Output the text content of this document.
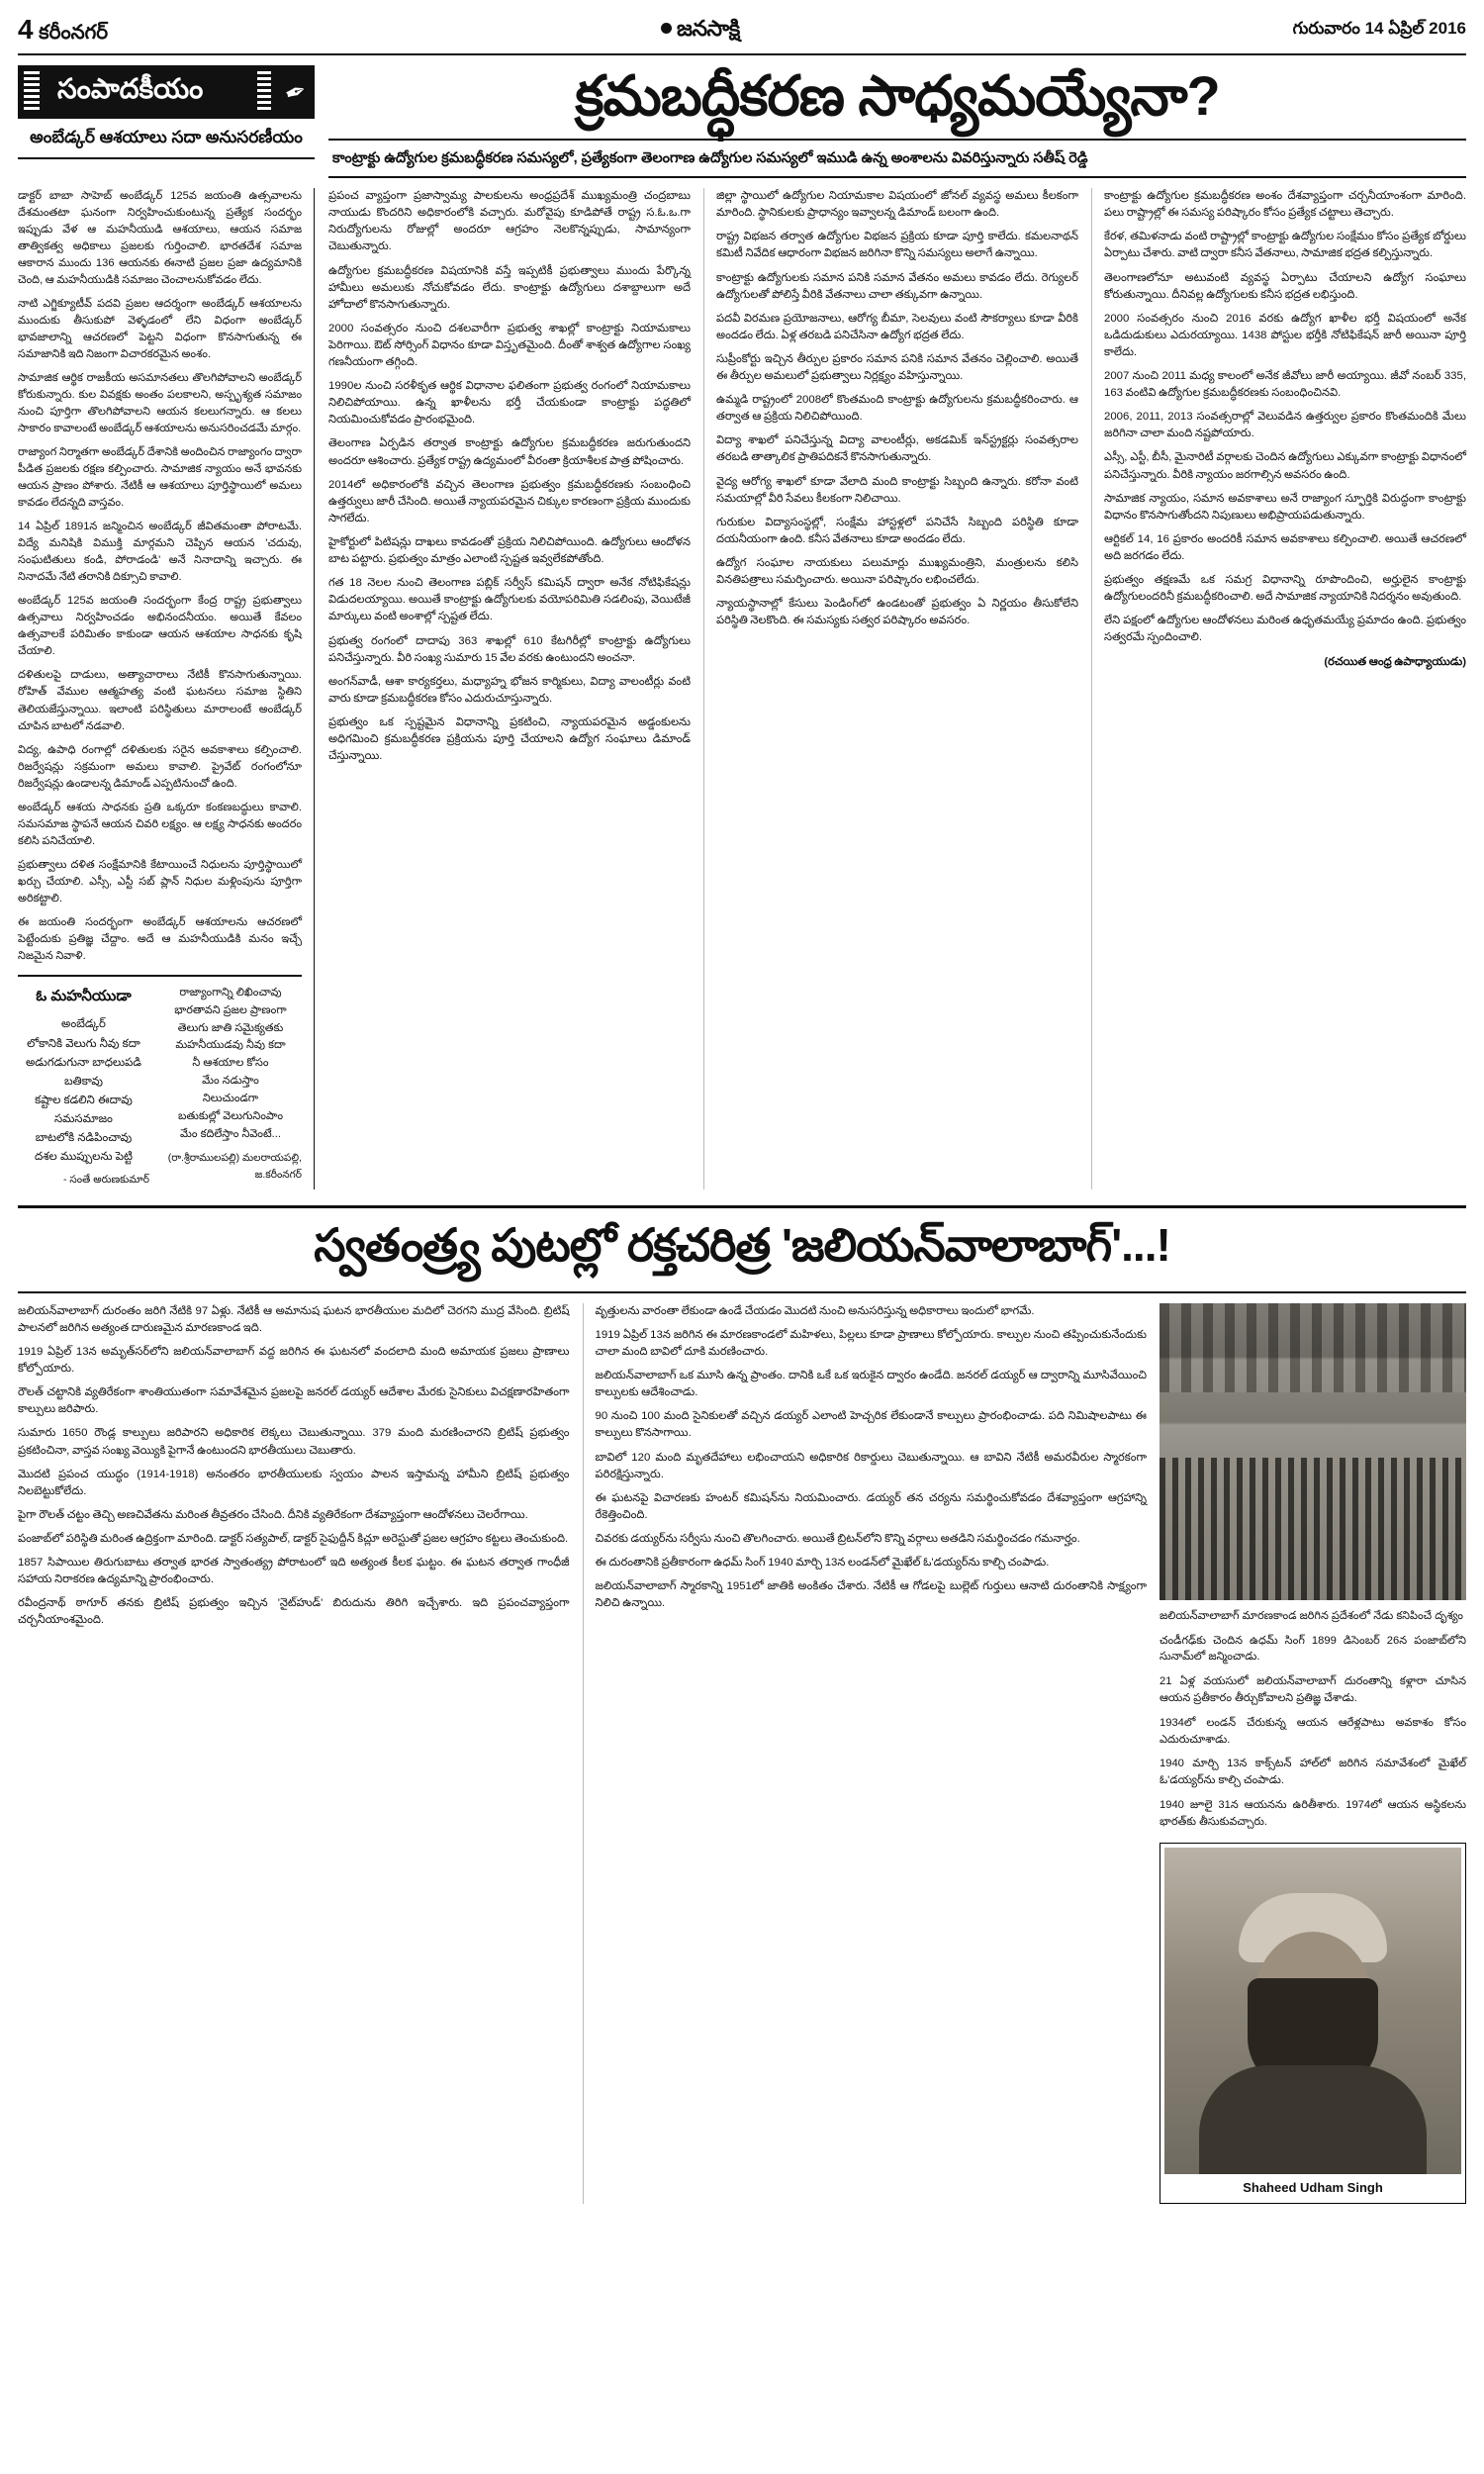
4 కరీంనగర్	జనసాక్షి	గురువారం 14 ఏప్రిల్ 2016
సంపాదకీయం	✒
అంబేడ్కర్ ఆశయాలు సదా అనుసరణీయం
క్రమబద్ధీకరణ సాధ్యమయ్యేనా?
కాంట్రాక్టు ఉద్యోగుల క్రమబద్ధీకరణ సమస్యలో, ప్రత్యేకంగా తెలంగాణ ఉద్యోగుల సమస్యలో ఇముడి ఉన్న అంశాలను వివరిస్తున్నారు సతీష్ రెడ్డి

డాక్టర్ బాబా సాహెబ్ అంబేడ్కర్ 125వ జయంతి ఉత్సవాలను దేశమంతటా ఘనంగా నిర్వహించుకుంటున్న ప్రత్యేక సందర్భం ఇప్పుడు వేళ ఆ మహనీయుడి ఆశయాలు, ఆయన సమాజ తాత్వికత్వ అధికాలు ప్రజలకు గుర్తించాలి. భారతదేశ సమాజ ఆకారాన ముందు 136 ఆయనకు ఈనాటి ప్రజల ప్రజా ఉద్యమానికి చెంది, ఆ మహనీయుడికి సమాజం చెంచాలనుకోవడం లేదు.

నాటి ఎగ్జిక్యూటీవ్ పదవి ప్రజల ఆదర్శంగా అంబేడ్కర్ ఆశయాలను ముందుకు తీసుకుపో వెళ్ళడంలో లేని విధంగా అంబేడ్కర్ భావజాలాన్ని ఆచరణలో పెట్టని విధంగా కొనసాగుతున్న ఈ సమాజానికి ఇది నిజంగా విచారకరమైన అంశం.

సామాజిక ఆర్థిక రాజకీయ అసమానతలు తొలగిపోవాలని అంబేడ్కర్ కోరుకున్నారు. కుల వివక్షకు అంతం పలకాలని, అస్పృశ్యత సమాజం నుంచి పూర్తిగా తొలగిపోవాలని ఆయన కలలుగన్నారు. ఆ కలలు సాకారం కావాలంటే అంబేడ్కర్ ఆశయాలను అనుసరించడమే మార్గం.

రాజ్యాంగ నిర్మాతగా అంబేడ్కర్ దేశానికి అందించిన రాజ్యాంగం ద్వారా పీడిత ప్రజలకు రక్షణ కల్పించారు. సామాజిక న్యాయం అనే భావనకు ఆయన ప్రాణం పోశారు. నేటికీ ఆ ఆశయాలు పూర్తిస్థాయిలో అమలు కావడం లేదన్నది వాస్తవం.

14 ఏప్రిల్ 1891న జన్మించిన అంబేడ్కర్ జీవితమంతా పోరాటమే. విద్యే మనిషికి విముక్తి మార్గమని చెప్పిన ఆయన 'చదువు, సంఘటితులు కండి, పోరాడండి' అనే నినాదాన్ని ఇచ్చారు. ఈ నినాదమే నేటి తరానికి దిక్సూచి కావాలి.

అంబేడ్కర్ 125వ జయంతి సందర్భంగా కేంద్ర రాష్ట్ర ప్రభుత్వాలు ఉత్సవాలు నిర్వహించడం అభినందనీయం. అయితే కేవలం ఉత్సవాలకే పరిమితం కాకుండా ఆయన ఆశయాల సాధనకు కృషి చేయాలి.

దళితులపై దాడులు, అత్యాచారాలు నేటికీ కొనసాగుతున్నాయి. రోహిత్ వేముల ఆత్మహత్య వంటి ఘటనలు సమాజ స్థితిని తెలియజేస్తున్నాయి. ఇలాంటి పరిస్థితులు మారాలంటే అంబేడ్కర్ చూపిన బాటలో నడవాలి.

విద్య, ఉపాధి రంగాల్లో దళితులకు సరైన అవకాశాలు కల్పించాలి. రిజర్వేషన్లు సక్రమంగా అమలు కావాలి. ప్రైవేట్ రంగంలోనూ రిజర్వేషన్లు ఉండాలన్న డిమాండ్ ఎప్పటినుంచో ఉంది.

అంబేడ్కర్ ఆశయ సాధనకు ప్రతి ఒక్కరూ కంకణబద్ధులు కావాలి. సమసమాజ స్థాపనే ఆయన చివరి లక్ష్యం. ఆ లక్ష్య సాధనకు అందరం కలిసి పనిచేయాలి.

ప్రభుత్వాలు దళిత సంక్షేమానికి కేటాయించే నిధులను పూర్తిస్థాయిలో ఖర్చు చేయాలి. ఎస్సీ, ఎస్టీ సబ్ ప్లాన్ నిధుల మళ్లింపును పూర్తిగా అరికట్టాలి.

ఈ జయంతి సందర్భంగా అంబేడ్కర్ ఆశయాలను ఆచరణలో పెట్టేందుకు ప్రతిజ్ఞ చేద్దాం. అదే ఆ మహనీయుడికి మనం ఇచ్చే నిజమైన నివాళి.

ఓ మహనీయుడా
అంబేడ్కర్
లోకానికి వెలుగు నీవు కదా
అడుగడుగునా బాధలుపడి
బతికావు
కష్టాల కడలిని ఈదావు
సమసమాజం
బాటలోకి నడిపించావు
దశల ముప్పులను పెట్టి
- సంతే అరుణకుమార్
రాజ్యాంగాన్ని లిఖించావు
భారతావని ప్రజల ప్రాణంగా
తెలుగు జాతి సమైక్యతకు
మహనీయుడవు నీవు కదా
నీ ఆశయాల కోసం
మేం నడుస్తాం
నిలుచుండగా
బతుకుల్లో వెలుగునింపాం
మేం కదిలేస్తాం నీవెంటే...
(రా.శ్రీరాములపల్లి) మలరాయపల్లి, జ.కరీంనగర్

ప్రపంచ వ్యాప్తంగా ప్రజాస్వామ్య పాలకులను అంధ్రప్రదేశ్ ముఖ్యమంత్రి చంద్రబాబు నాయుడు కొందరిని అధికారంలోకి వచ్చారు. మరోవైపు కూడిపోతే రాష్ట్ర స.ఓ.ఒ.గా నిరుద్యోగులను రోజుల్లో అందరూ ఆగ్రహం నెలకొన్నప్పుడు, సామాన్యంగా చెబుతున్నారు.

ఉద్యోగుల క్రమబద్ధీకరణ విషయానికి వస్తే ఇప్పటికీ ప్రభుత్వాలు ముందు పేర్కొన్న హామీలు అమలుకు నోచుకోవడం లేదు. కాంట్రాక్టు ఉద్యోగులు దశాబ్దాలుగా అదే హోదాలో కొనసాగుతున్నారు.

2000 సంవత్సరం నుంచి దశలవారీగా ప్రభుత్వ శాఖల్లో కాంట్రాక్టు నియామకాలు పెరిగాయి. ఔట్ సోర్సింగ్ విధానం కూడా విస్తృతమైంది. దీంతో శాశ్వత ఉద్యోగాల సంఖ్య గణనీయంగా తగ్గింది.

1990ల నుంచి సరళీకృత ఆర్థిక విధానాల ఫలితంగా ప్రభుత్వ రంగంలో నియామకాలు నిలిచిపోయాయి. ఉన్న ఖాళీలను భర్తీ చేయకుండా కాంట్రాక్టు పద్ధతిలో నియమించుకోవడం ప్రారంభమైంది.

తెలంగాణ ఏర్పడిన తర్వాత కాంట్రాక్టు ఉద్యోగుల క్రమబద్ధీకరణ జరుగుతుందని అందరూ ఆశించారు. ప్రత్యేక రాష్ట్ర ఉద్యమంలో వీరంతా క్రియాశీలక పాత్ర పోషించారు.

2014లో అధికారంలోకి వచ్చిన తెలంగాణ ప్రభుత్వం క్రమబద్ధీకరణకు సంబంధించి ఉత్తర్వులు జారీ చేసింది. అయితే న్యాయపరమైన చిక్కుల కారణంగా ప్రక్రియ ముందుకు సాగలేదు.

హైకోర్టులో పిటిషన్లు దాఖలు కావడంతో ప్రక్రియ నిలిచిపోయింది. ఉద్యోగులు ఆందోళన బాట పట్టారు. ప్రభుత్వం మాత్రం ఎలాంటి స్పష్టత ఇవ్వలేకపోతోంది.

గత 18 నెలల నుంచి తెలంగాణ పబ్లిక్ సర్వీస్ కమిషన్ ద్వారా అనేక నోటిఫికేషన్లు విడుదలయ్యాయి. అయితే కాంట్రాక్టు ఉద్యోగులకు వయోపరిమితి సడలింపు, వెయిటేజీ మార్కులు వంటి అంశాల్లో స్పష్టత లేదు.

ప్రభుత్వ రంగంలో దాదాపు 363 శాఖల్లో 610 కేటగిరీల్లో కాంట్రాక్టు ఉద్యోగులు పనిచేస్తున్నారు. వీరి సంఖ్య సుమారు 15 వేల వరకు ఉంటుందని అంచనా.

అంగన్‌వాడీ, ఆశా కార్యకర్తలు, మధ్యాహ్న భోజన కార్మికులు, విద్యా వాలంటీర్లు వంటి వారు కూడా క్రమబద్ధీకరణ కోసం ఎదురుచూస్తున్నారు.

ప్రభుత్వం ఒక స్పష్టమైన విధానాన్ని ప్రకటించి, న్యాయపరమైన అడ్డంకులను అధిగమించి క్రమబద్ధీకరణ ప్రక్రియను పూర్తి చేయాలని ఉద్యోగ సంఘాలు డిమాండ్ చేస్తున్నాయి.

జిల్లా స్థాయిలో ఉద్యోగుల నియామకాల విషయంలో జోనల్ వ్యవస్థ అమలు కీలకంగా మారింది. స్థానికులకు ప్రాధాన్యం ఇవ్వాలన్న డిమాండ్ బలంగా ఉంది.

రాష్ట్ర విభజన తర్వాత ఉద్యోగుల విభజన ప్రక్రియ కూడా పూర్తి కాలేదు. కమలనాథన్ కమిటీ నివేదిక ఆధారంగా విభజన జరిగినా కొన్ని సమస్యలు అలాగే ఉన్నాయి.

కాంట్రాక్టు ఉద్యోగులకు సమాన పనికి సమాన వేతనం అమలు కావడం లేదు. రెగ్యులర్ ఉద్యోగులతో పోలిస్తే వీరికి వేతనాలు చాలా తక్కువగా ఉన్నాయి.

పదవీ విరమణ ప్రయోజనాలు, ఆరోగ్య బీమా, సెలవులు వంటి సౌకర్యాలు కూడా వీరికి అందడం లేదు. ఏళ్ల తరబడి పనిచేసినా ఉద్యోగ భద్రత లేదు.

సుప్రీంకోర్టు ఇచ్చిన తీర్పుల ప్రకారం సమాన పనికి సమాన వేతనం చెల్లించాలి. అయితే ఈ తీర్పుల అమలులో ప్రభుత్వాలు నిర్లక్ష్యం వహిస్తున్నాయి.

ఉమ్మడి రాష్ట్రంలో 2008లో కొంతమంది కాంట్రాక్టు ఉద్యోగులను క్రమబద్ధీకరించారు. ఆ తర్వాత ఆ ప్రక్రియ నిలిచిపోయింది.

విద్యా శాఖలో పనిచేస్తున్న విద్యా వాలంటీర్లు, అకడమిక్ ఇన్‌స్ట్రక్టర్లు సంవత్సరాల తరబడి తాత్కాలిక ప్రాతిపదికనే కొనసాగుతున్నారు.

వైద్య ఆరోగ్య శాఖలో కూడా వేలాది మంది కాంట్రాక్టు సిబ్బంది ఉన్నారు. కరోనా వంటి సమయాల్లో వీరి సేవలు కీలకంగా నిలిచాయి.

గురుకుల విద్యాసంస్థల్లో, సంక్షేమ హాస్టళ్లలో పనిచేసే సిబ్బంది పరిస్థితి కూడా దయనీయంగా ఉంది. కనీస వేతనాలు కూడా అందడం లేదు.

ఉద్యోగ సంఘాల నాయకులు పలుమార్లు ముఖ్యమంత్రిని, మంత్రులను కలిసి వినతిపత్రాలు సమర్పించారు. అయినా పరిష్కారం లభించలేదు.

న్యాయస్థానాల్లో కేసులు పెండింగ్‌లో ఉండటంతో ప్రభుత్వం ఏ నిర్ణయం తీసుకోలేని పరిస్థితి నెలకొంది. ఈ సమస్యకు సత్వర పరిష్కారం అవసరం.

కాంట్రాక్టు ఉద్యోగుల క్రమబద్ధీకరణ అంశం దేశవ్యాప్తంగా చర్చనీయాంశంగా మారింది. పలు రాష్ట్రాల్లో ఈ సమస్య పరిష్కారం కోసం ప్రత్యేక చట్టాలు తెచ్చారు.

కేరళ, తమిళనాడు వంటి రాష్ట్రాల్లో కాంట్రాక్టు ఉద్యోగుల సంక్షేమం కోసం ప్రత్యేక బోర్డులు ఏర్పాటు చేశారు. వాటి ద్వారా కనీస వేతనాలు, సామాజిక భద్రత కల్పిస్తున్నారు.

తెలంగాణలోనూ అటువంటి వ్యవస్థ ఏర్పాటు చేయాలని ఉద్యోగ సంఘాలు కోరుతున్నాయి. దీనివల్ల ఉద్యోగులకు కనీస భద్రత లభిస్తుంది.

2000 సంవత్సరం నుంచి 2016 వరకు ఉద్యోగ ఖాళీల భర్తీ విషయంలో అనేక ఒడిదుడుకులు ఎదురయ్యాయి. 1438 పోస్టుల భర్తీకి నోటిఫికేషన్ జారీ అయినా పూర్తి కాలేదు.

2007 నుంచి 2011 మధ్య కాలంలో అనేక జీవోలు జారీ అయ్యాయి. జీవో నంబర్ 335, 163 వంటివి ఉద్యోగుల క్రమబద్ధీకరణకు సంబంధించినవి.

2006, 2011, 2013 సంవత్సరాల్లో వెలువడిన ఉత్తర్వుల ప్రకారం కొంతమందికి మేలు జరిగినా చాలా మంది నష్టపోయారు.

ఎస్సీ, ఎస్టీ, బీసీ, మైనారిటీ వర్గాలకు చెందిన ఉద్యోగులు ఎక్కువగా కాంట్రాక్టు విధానంలో పనిచేస్తున్నారు. వీరికి న్యాయం జరగాల్సిన అవసరం ఉంది.

సామాజిక న్యాయం, సమాన అవకాశాలు అనే రాజ్యాంగ స్ఫూర్తికి విరుద్ధంగా కాంట్రాక్టు విధానం కొనసాగుతోందని నిపుణులు అభిప్రాయపడుతున్నారు.

ఆర్టికల్ 14, 16 ప్రకారం అందరికీ సమాన అవకాశాలు కల్పించాలి. అయితే ఆచరణలో అది జరగడం లేదు.

ప్రభుత్వం తక్షణమే ఒక సమగ్ర విధానాన్ని రూపొందించి, అర్హులైన కాంట్రాక్టు ఉద్యోగులందరినీ క్రమబద్ధీకరించాలి. అదే సామాజిక న్యాయానికి నిదర్శనం అవుతుంది.

లేని పక్షంలో ఉద్యోగుల ఆందోళనలు మరింత ఉధృతమయ్యే ప్రమాదం ఉంది. ప్రభుత్వం సత్వరమే స్పందించాలి.

(రచయిత ఆంధ్ర ఉపాధ్యాయుడు)

స్వతంత్ర్య పుటల్లో రక్తచరిత్ర 'జలియన్‌వాలాబాగ్'...!

జలియన్‌వాలాబాగ్ దురంతం జరిగి నేటికి 97 ఏళ్లు. నేటికీ ఆ అమానుష ఘటన భారతీయుల మదిలో చెరగని ముద్ర వేసింది. బ్రిటిష్ పాలనలో జరిగిన అత్యంత దారుణమైన మారణకాండ ఇది.

1919 ఏప్రిల్ 13న అమృత్‌సర్‌లోని జలియన్‌వాలాబాగ్ వద్ద జరిగిన ఈ ఘటనలో వందలాది మంది అమాయక ప్రజలు ప్రాణాలు కోల్పోయారు.

రౌలత్ చట్టానికి వ్యతిరేకంగా శాంతియుతంగా సమావేశమైన ప్రజలపై జనరల్ డయ్యర్ ఆదేశాల మేరకు సైనికులు విచక్షణారహితంగా కాల్పులు జరిపారు.

సుమారు 1650 రౌండ్ల కాల్పులు జరిపారని అధికారిక లెక్కలు చెబుతున్నాయి. 379 మంది మరణించారని బ్రిటిష్ ప్రభుత్వం ప్రకటించినా, వాస్తవ సంఖ్య వెయ్యికి పైగానే ఉంటుందని భారతీయులు చెబుతారు.

మొదటి ప్రపంచ యుద్ధం (1914-1918) అనంతరం భారతీయులకు స్వయం పాలన ఇస్తామన్న హామీని బ్రిటిష్ ప్రభుత్వం నిలబెట్టుకోలేదు.

పైగా రౌలత్ చట్టం తెచ్చి అణచివేతను మరింత తీవ్రతరం చేసింది. దీనికి వ్యతిరేకంగా దేశవ్యాప్తంగా ఆందోళనలు చెలరేగాయి.

పంజాబ్‌లో పరిస్థితి మరింత ఉద్రిక్తంగా మారింది. డాక్టర్ సత్యపాల్, డాక్టర్ సైఫుద్దీన్ కిచ్లూ అరెస్టుతో ప్రజల ఆగ్రహం కట్టలు తెంచుకుంది.

1857 సిపాయిల తిరుగుబాటు తర్వాత భారత స్వాతంత్య్ర పోరాటంలో ఇది అత్యంత కీలక ఘట్టం. ఈ ఘటన తర్వాత గాంధీజీ సహాయ నిరాకరణ ఉద్యమాన్ని ప్రారంభించారు.

రవీంద్రనాథ్ ఠాగూర్ తనకు బ్రిటిష్ ప్రభుత్వం ఇచ్చిన 'నైట్‌హుడ్' బిరుదును తిరిగి ఇచ్చేశారు. ఇది ప్రపంచవ్యాప్తంగా చర్చనీయాంశమైంది.

వృత్తులను వారంతా లేకుండా ఉండే చేయడం మొదటి నుంచి అనుసరిస్తున్న అధికారాలు ఇందులో భాగమే.

1919 ఏప్రిల్ 13న జరిగిన ఈ మారణకాండలో మహిళలు, పిల్లలు కూడా ప్రాణాలు కోల్పోయారు. కాల్పుల నుంచి తప్పించుకునేందుకు చాలా మంది బావిలో దూకి మరణించారు.

జలియన్‌వాలాబాగ్ ఒక మూసి ఉన్న ప్రాంతం. దానికి ఒకే ఒక ఇరుకైన ద్వారం ఉండేది. జనరల్ డయ్యర్ ఆ ద్వారాన్ని మూసివేయించి కాల్పులకు ఆదేశించాడు.

90 నుంచి 100 మంది సైనికులతో వచ్చిన డయ్యర్ ఎలాంటి హెచ్చరిక లేకుండానే కాల్పులు ప్రారంభించాడు. పది నిమిషాలపాటు ఈ కాల్పులు కొనసాగాయి.

బావిలో 120 మంది మృతదేహాలు లభించాయని అధికారిక రికార్డులు చెబుతున్నాయి. ఆ బావిని నేటికీ అమరవీరుల స్మారకంగా పరిరక్షిస్తున్నారు.

ఈ ఘటనపై విచారణకు హంటర్ కమిషన్‌ను నియమించారు. డయ్యర్ తన చర్యను సమర్థించుకోవడం దేశవ్యాప్తంగా ఆగ్రహాన్ని రేకెత్తించింది.

చివరకు డయ్యర్‌ను సర్వీసు నుంచి తొలగించారు. అయితే బ్రిటన్‌లోని కొన్ని వర్గాలు అతడిని సమర్థించడం గమనార్హం.

ఈ దురంతానికి ప్రతీకారంగా ఉధమ్ సింగ్ 1940 మార్చి 13న లండన్‌లో మైఖేల్ ఓ'డయ్యర్‌ను కాల్చి చంపాడు.

జలియన్‌వాలాబాగ్ స్మారకాన్ని 1951లో జాతికి అంకితం చేశారు. నేటికీ ఆ గోడలపై బుల్లెట్ గుర్తులు ఆనాటి దురంతానికి సాక్ష్యంగా నిలిచి ఉన్నాయి.

జలియన్‌వాలాబాగ్ మారణకాండ జరిగిన ప్రదేశంలో నేడు కనిపించే దృశ్యం
చండీగఢ్‌కు చెందిన ఉధమ్ సింగ్ 1899 డిసెంబర్ 26న పంజాబ్‌లోని సునామ్‌లో జన్మించాడు.
21 ఏళ్ల వయసులో జలియన్‌వాలాబాగ్ దురంతాన్ని కళ్లారా చూసిన ఆయన ప్రతీకారం తీర్చుకోవాలని ప్రతిజ్ఞ చేశాడు.
1934లో లండన్ చేరుకున్న ఆయన ఆరేళ్లపాటు అవకాశం కోసం ఎదురుచూశాడు.
1940 మార్చి 13న కాక్స్‌టన్ హాల్‌లో జరిగిన సమావేశంలో మైఖేల్ ఓ'డయ్యర్‌ను కాల్చి చంపాడు.
1940 జూలై 31న ఆయనను ఉరితీశారు. 1974లో ఆయన అస్థికలను భారత్‌కు తీసుకువచ్చారు.
Shaheed Udham Singh
